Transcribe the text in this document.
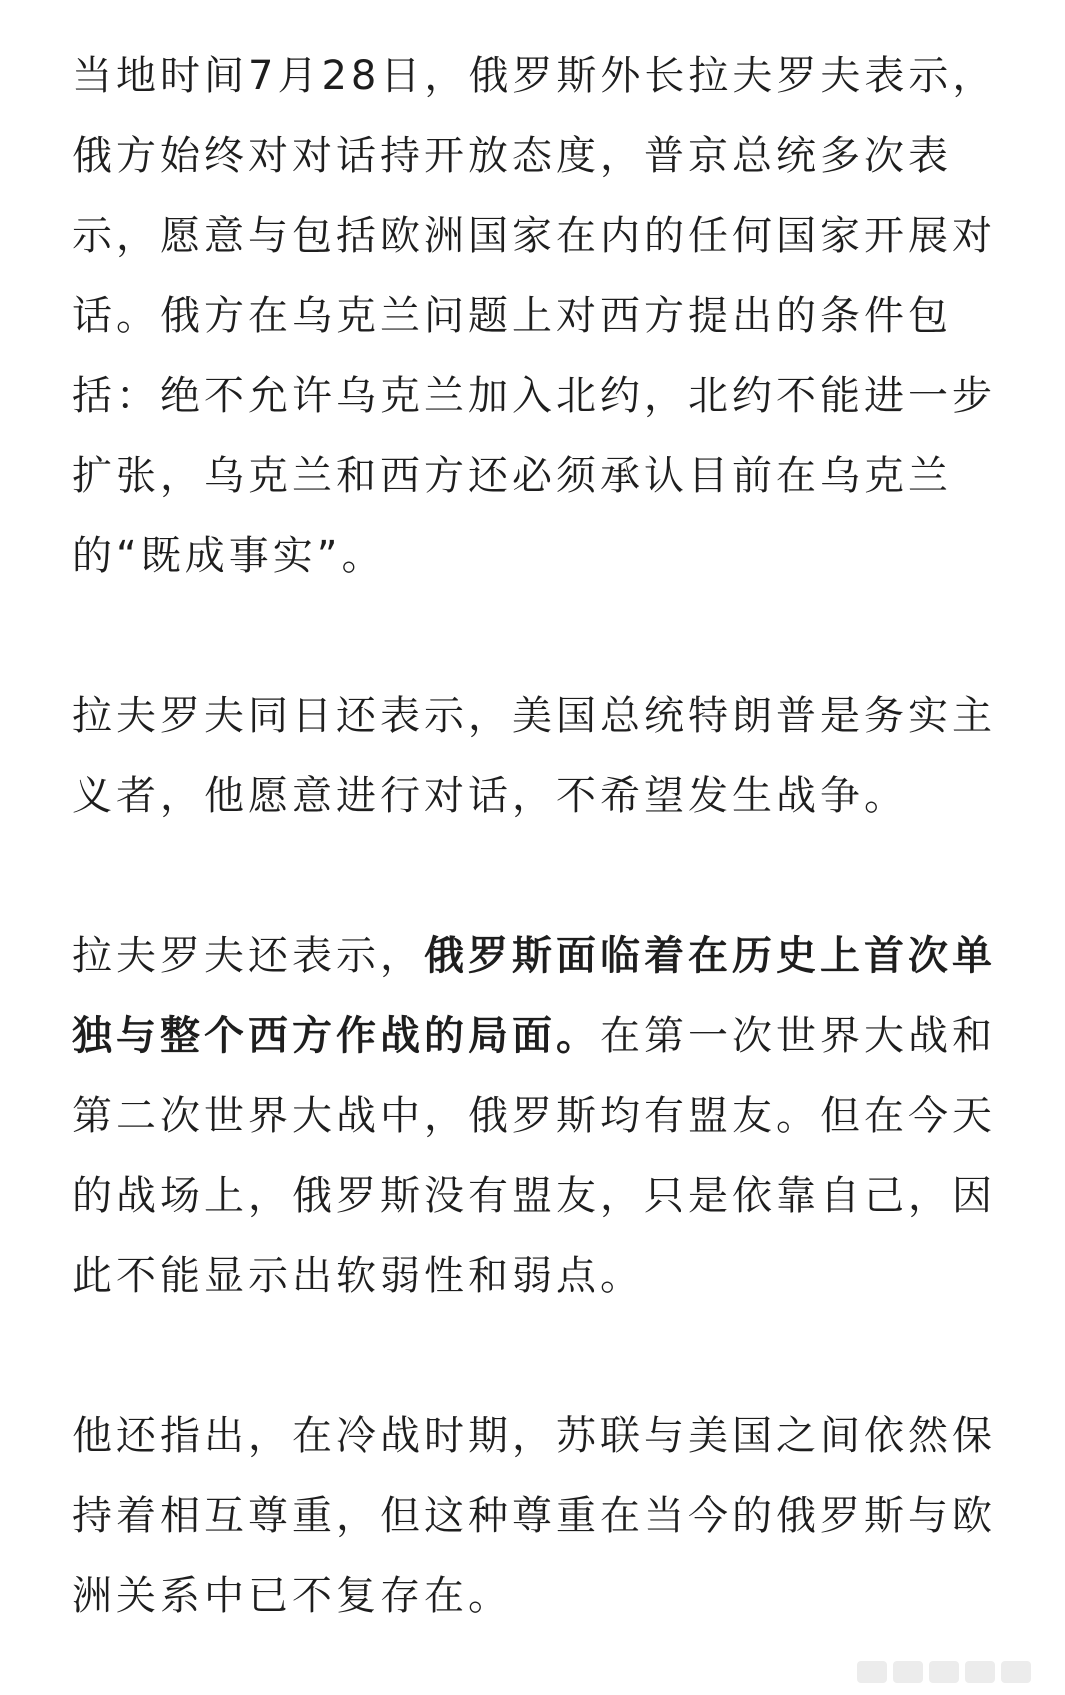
当地时间7月28日，俄罗斯外长拉夫罗夫表示，俄方始终对对话持开放态度，普京总统多次表示，愿意与包括欧洲国家在内的任何国家开展对话。俄方在乌克兰问题上对西方提出的条件包括：绝不允许乌克兰加入北约，北约不能进一步扩张，乌克兰和西方还必须承认目前在乌克兰的“既成事实”。

拉夫罗夫同日还表示，美国总统特朗普是务实主义者，他愿意进行对话，不希望发生战争。

拉夫罗夫还表示，俄罗斯面临着在历史上首次单独与整个西方作战的局面。在第一次世界大战和第二次世界大战中，俄罗斯均有盟友。但在今天的战场上，俄罗斯没有盟友，只是依靠自己，因此不能显示出软弱性和弱点。

他还指出，在冷战时期，苏联与美国之间依然保持着相互尊重，但这种尊重在当今的俄罗斯与欧洲关系中已不复存在。
